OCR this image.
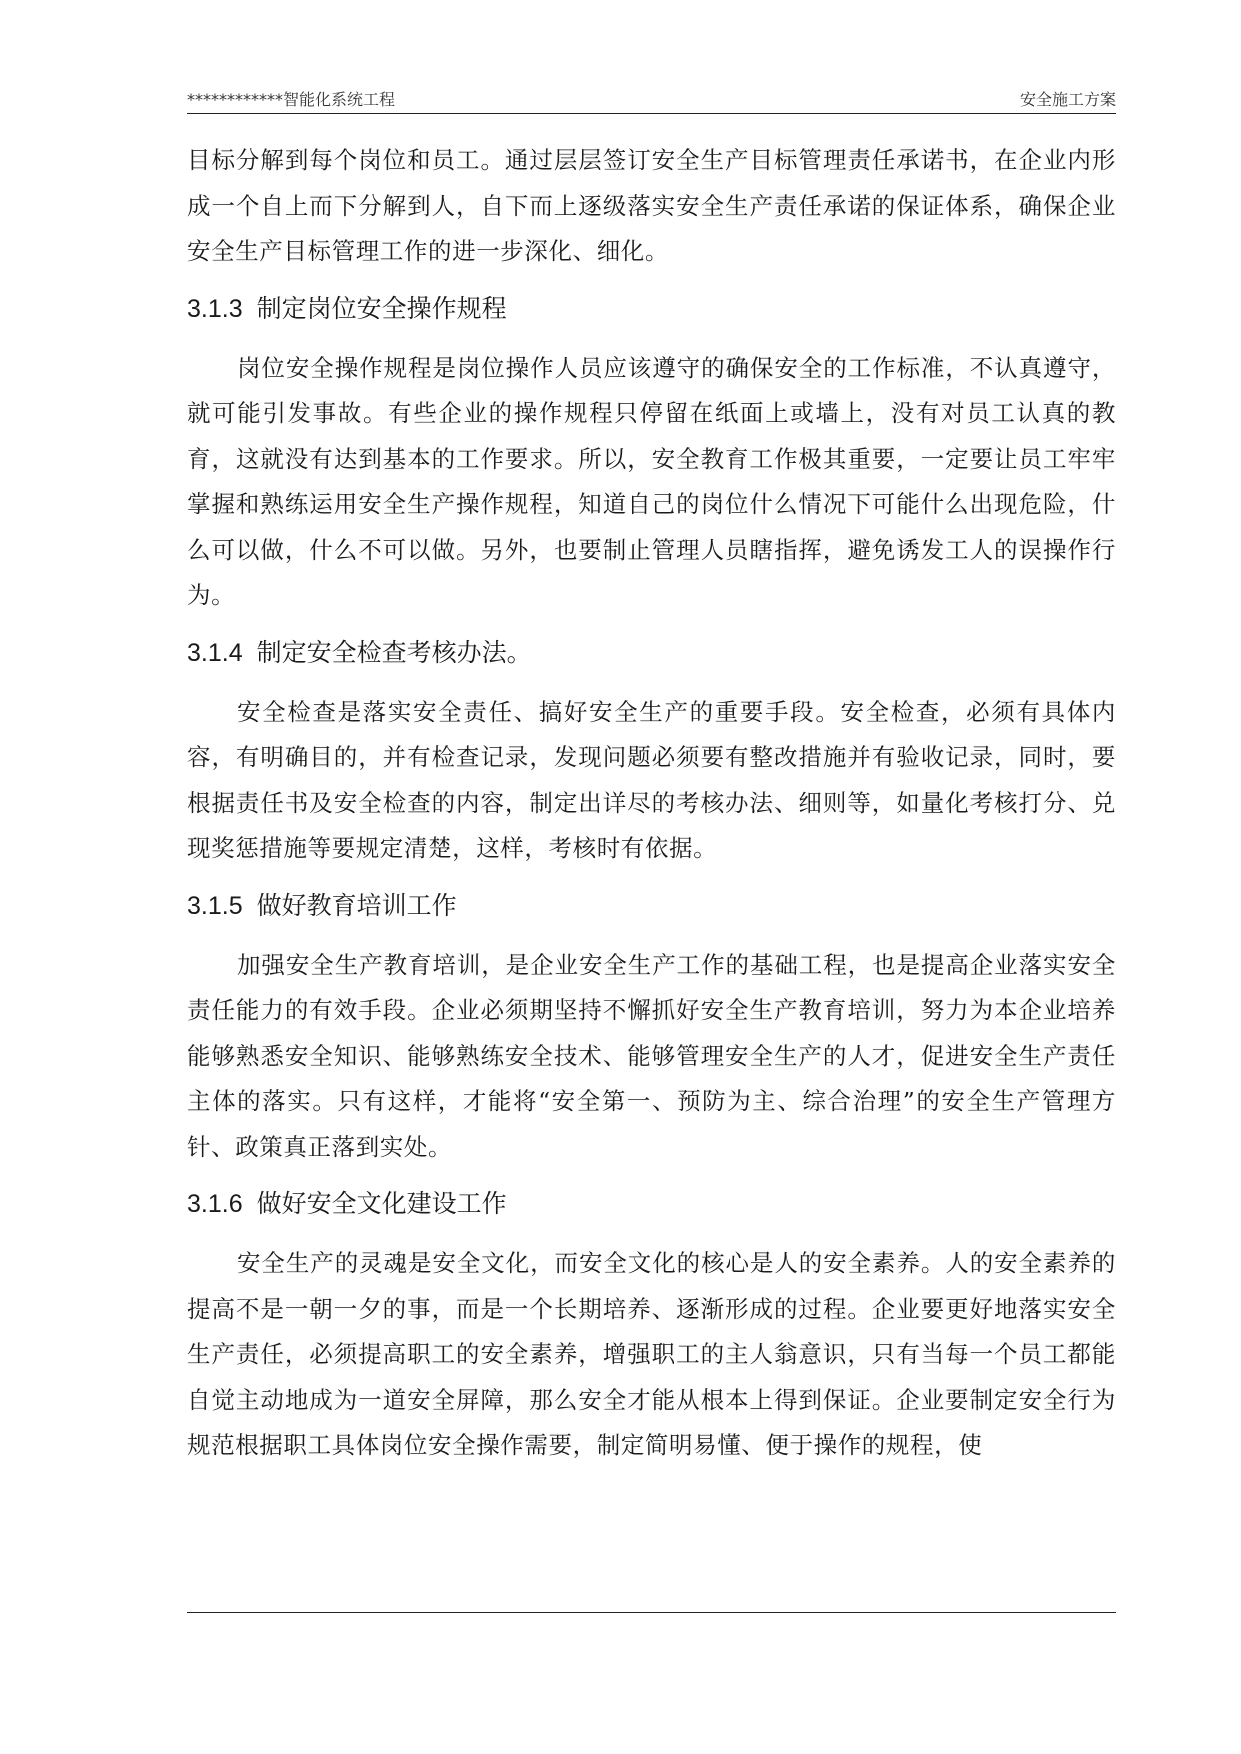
************智能化系统工程	安全施工方案

目标分解到每个岗位和员工。通过层层签订安全生产目标管理责任承诺书，在企业内形成一个自上而下分解到人，自下而上逐级落实安全生产责任承诺的保证体系，确保企业安全生产目标管理工作的进一步深化、细化。

3.1.3 制定岗位安全操作规程

岗位安全操作规程是岗位操作人员应该遵守的确保安全的工作标准，不认真遵守，就可能引发事故。有些企业的操作规程只停留在纸面上或墙上，没有对员工认真的教育，这就没有达到基本的工作要求。所以，安全教育工作极其重要，一定要让员工牢牢掌握和熟练运用安全生产操作规程，知道自己的岗位什么情况下可能什么出现危险，什么可以做，什么不可以做。另外，也要制止管理人员瞎指挥，避免诱发工人的误操作行为。

3.1.4 制定安全检查考核办法。

安全检查是落实安全责任、搞好安全生产的重要手段。安全检查，必须有具体内容，有明确目的，并有检查记录，发现问题必须要有整改措施并有验收记录，同时，要根据责任书及安全检查的内容，制定出详尽的考核办法、细则等，如量化考核打分、兑现奖惩措施等要规定清楚，这样，考核时有依据。

3.1.5 做好教育培训工作

加强安全生产教育培训，是企业安全生产工作的基础工程，也是提高企业落实安全责任能力的有效手段。企业必须期坚持不懈抓好安全生产教育培训，努力为本企业培养能够熟悉安全知识、能够熟练安全技术、能够管理安全生产的人才，促进安全生产责任主体的落实。只有这样，才能将“安全第一、预防为主、综合治理”的安全生产管理方针、政策真正落到实处。

3.1.6 做好安全文化建设工作

安全生产的灵魂是安全文化，而安全文化的核心是人的安全素养。人的安全素养的提高不是一朝一夕的事，而是一个长期培养、逐渐形成的过程。企业要更好地落实安全生产责任，必须提高职工的安全素养，增强职工的主人翁意识，只有当每一个员工都能自觉主动地成为一道安全屏障，那么安全才能从根本上得到保证。企业要制定安全行为规范根据职工具体岗位安全操作需要，制定简明易懂、便于操作的规程，使
